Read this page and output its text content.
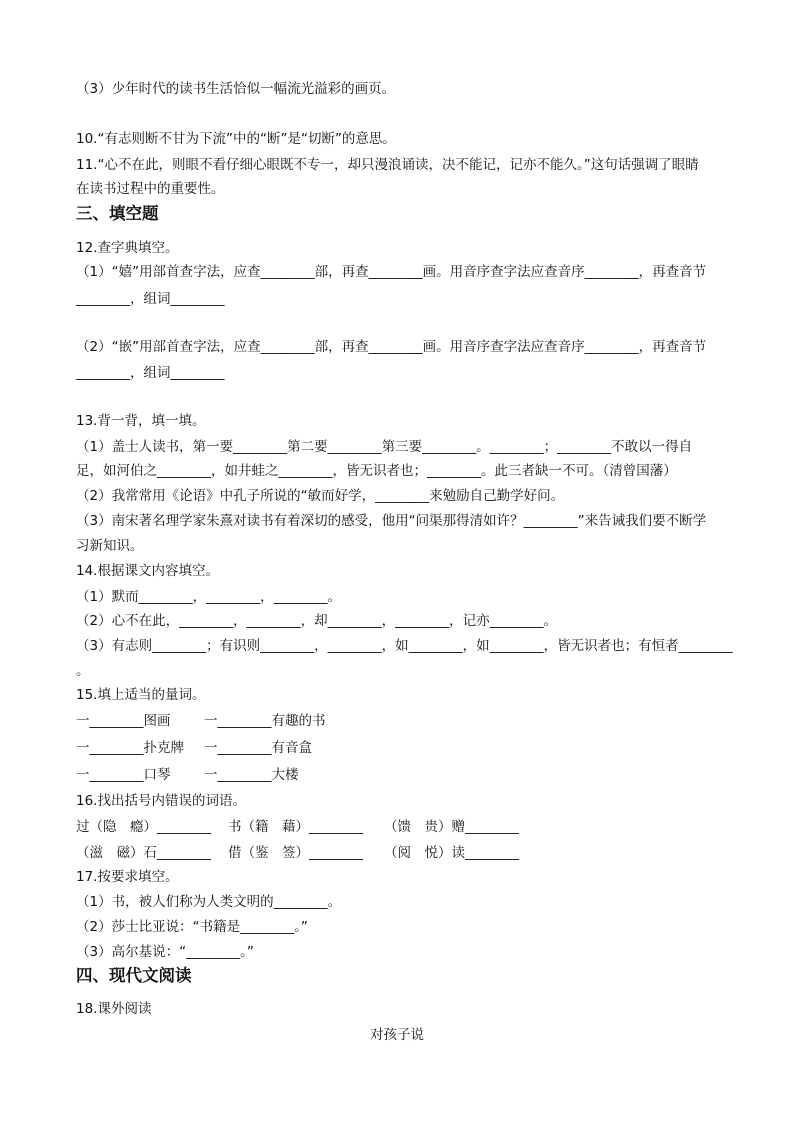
（3）少年时代的读书生活恰似一幅流光溢彩的画页。
10.“有志则断不甘为下流”中的“断”是“切断”的意思。
11.“心不在此，则眼不看仔细心眼既不专一，却只漫浪诵读，决不能记，记亦不能久。”这句话强调了眼睛
在读书过程中的重要性。
三、填空题
12.查字典填空。
（1）“嬉”用部首查字法，应查________部，再查________画。用音序查字法应查音序________，再查音节
________，组词________
（2）“嵌”用部首查字法，应查________部，再查________画。用音序查字法应查音序________，再查音节
________，组词________
13.背一背，填一填。
（1）盖士人读书，第一要________第二要________第三要________。________；________不敢以一得自
足，如河伯之________，如井蛙之________，皆无识者也；________。此三者缺一不可。（清曾国藩）
（2）我常常用《论语》中孔子所说的“敏而好学，________来勉励自己勤学好问。
（3）南宋著名理学家朱熹对读书有着深切的感受，他用“问渠那得清如许？________”来告诫我们要不断学
习新知识。
14.根据课文内容填空。
（1）默而________，________，________。
（2）心不在此，________，________，却________，________，记亦________。
（3）有志则________；有识则________，________，如________，如________，皆无识者也；有恒者________
。
15.填上适当的量词。
一________图画 一________有趣的书
一________扑克牌 一________有音盒
一________口琴 一________大楼
16.找出括号内错误的词语。
过（隐　瘾）________ 书（籍　藉）________ （馈　贵）赠________
（滋　磁）石________ 借（鉴　签）________ （阅　悦）读________
17.按要求填空。
（1）书，被人们称为人类文明的________。
（2）莎士比亚说：“书籍是________。”
（3）高尔基说：“________。”
四、现代文阅读
18.课外阅读
对孩子说
